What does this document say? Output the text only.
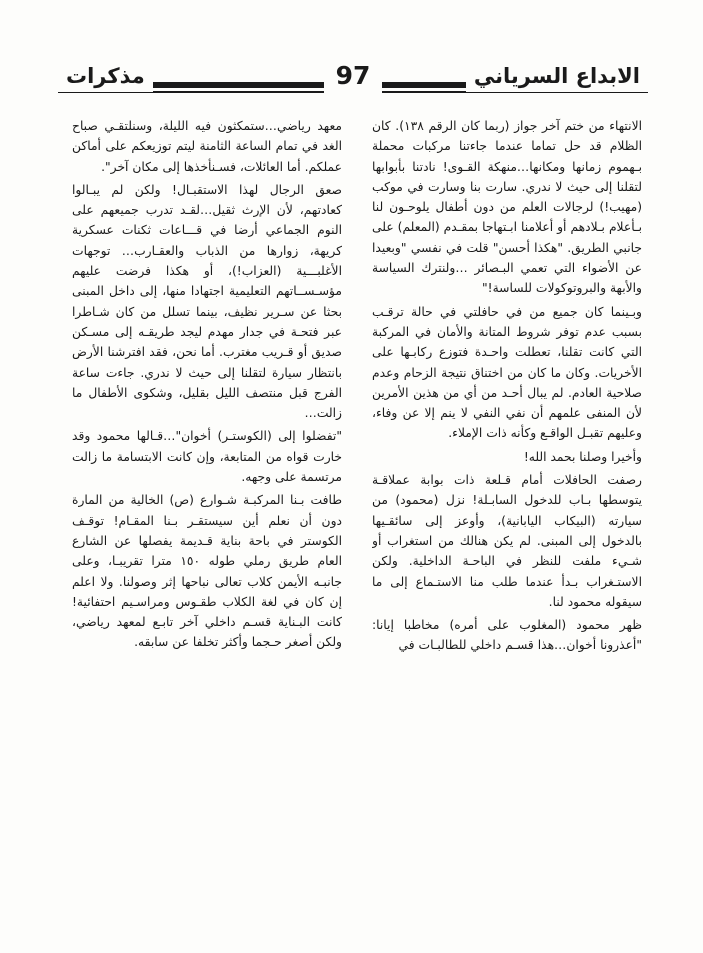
الابداع السرياني
97
مذكرات

الانتهاء من ختم آخر جواز (ربما كان الرقم ١٣٨). كان الظلام قد حل تماما عندما جاءتنا مركبات محملة بـهموم زمانها ومكانها…منهكة القـوى! نادتنا بأبوابها لتقلنا إلى حيث لا ندري. سارت بنا وسارت في موكب (مهيب!) لرجالات العلم من دون أطفال يلوحـون لنا بـأعلام بـلادهم أو أعلامنا ابـتهاجا بمقـدم (المعلم) على جانبي الطريق. "هكذا أحسن" قلت في نفسي "وبعيدا عن الأضواء التي تعمي البـصائر …ولنترك السياسة والأبهة والبروتوكولات للساسة!"

وبـينما كان جميع من في حافلتي في حالة ترقـب بسبب عدم توفر شروط المتانة والأمان في المركبة التي كانت تقلنا، تعطلت واحـدة فتوزع ركابـها على الأخريات. وكان ما كان من اختناق نتيجة الزحام وعدم صلاحية العادم. لم يبال أحـد من أي من هذين الأمرين لأن المنفى علمهم أن نفي النفي لا ينم إلا عن وفاء، وعليهم تقبـل الواقـع وكأنه ذات الإملاء.

وأخيرا وصلنا بحمد الله!

رصفت الحافلات أمام قـلعة ذات بوابة عملاقـة يتوسطها بـاب للدخول السابـلة! نزل (محمود) من سيارته (البيكاب اليابانية)، وأوعز إلى سائقـيها بالدخول إلى المبنى. لم يكن هنالك من استغراب أو شـيء ملفت للنظر في الباحـة الداخلية. ولكن الاستـغراب بـدأ عندما طلب منا الاستـماع إلى ما سيقوله محمود لنا.

ظهر محمود (المغلوب على أمره) مخاطبا إيانا: "أعذرونا أخوان…هذا قسـم داخلي للطالبـات في

معهد رياضي…ستمكثون فيه الليلة، وسنلتقـي صباح الغد في تمام الساعة الثامنة ليتم توزيعكم على أماكن عملكم. أما العائلات، فسـنأخذها إلى مكان آخر".

صعق الرجال لهذا الاستقبـال! ولكن لم يبـالوا كعادتهم، لأن الإرث ثقيل…لقـد تدرب جميعهم على النوم الجماعي أرضا في قـــاعات ثكنات عسكرية كريهة، زوارها من الذباب والعقـارب… توجهات الأغلبـــية (العزاب!)، أو هكذا فرضت عليهم مؤسـســاتهم التعليمية اجتهادا منها، إلى داخل المبنى بحثا عن سـرير نظيف، بينما تسلل من كان شـاطرا عبر فتحـة في جدار مهدم ليجد طريقـه إلى مسـكن صديق أو قـريب مغترب. أما نحن، فقد افترشنا الأرض بانتظار سيارة لتقلنا إلى حيث لا ندري. جاءت ساعة الفرج قبل منتصف الليل بقليل، وشكوى الأطفال ما زالت…

"تفضلوا إلى (الكوستـر) أخوان"…قـالها محمود وقد خارت قواه من المتابعة، وإن كانت الابتسامة ما زالت مرتسمة على وجهه.

طافت بـنا المركبـة شـوارع (ص) الخالية من المارة دون أن نعلم أين سيستقـر بـنا المقـام! توقـف الكوستر في باحة بناية قـديمة يفصلها عن الشارع العام طريق رملي طوله ١٥٠ مترا تقريبـا، وعلى جانبـه الأيمن كلاب تعالى نباحها إثر وصولنا. ولا اعلم إن كان في لغة الكلاب طقـوس ومراسـيم احتفائية! كانت البـناية قسـم داخلي آخر تابـع لمعهد رياضي، ولكن أصغر حـجما وأكثر تخلفا عن سابقه.
